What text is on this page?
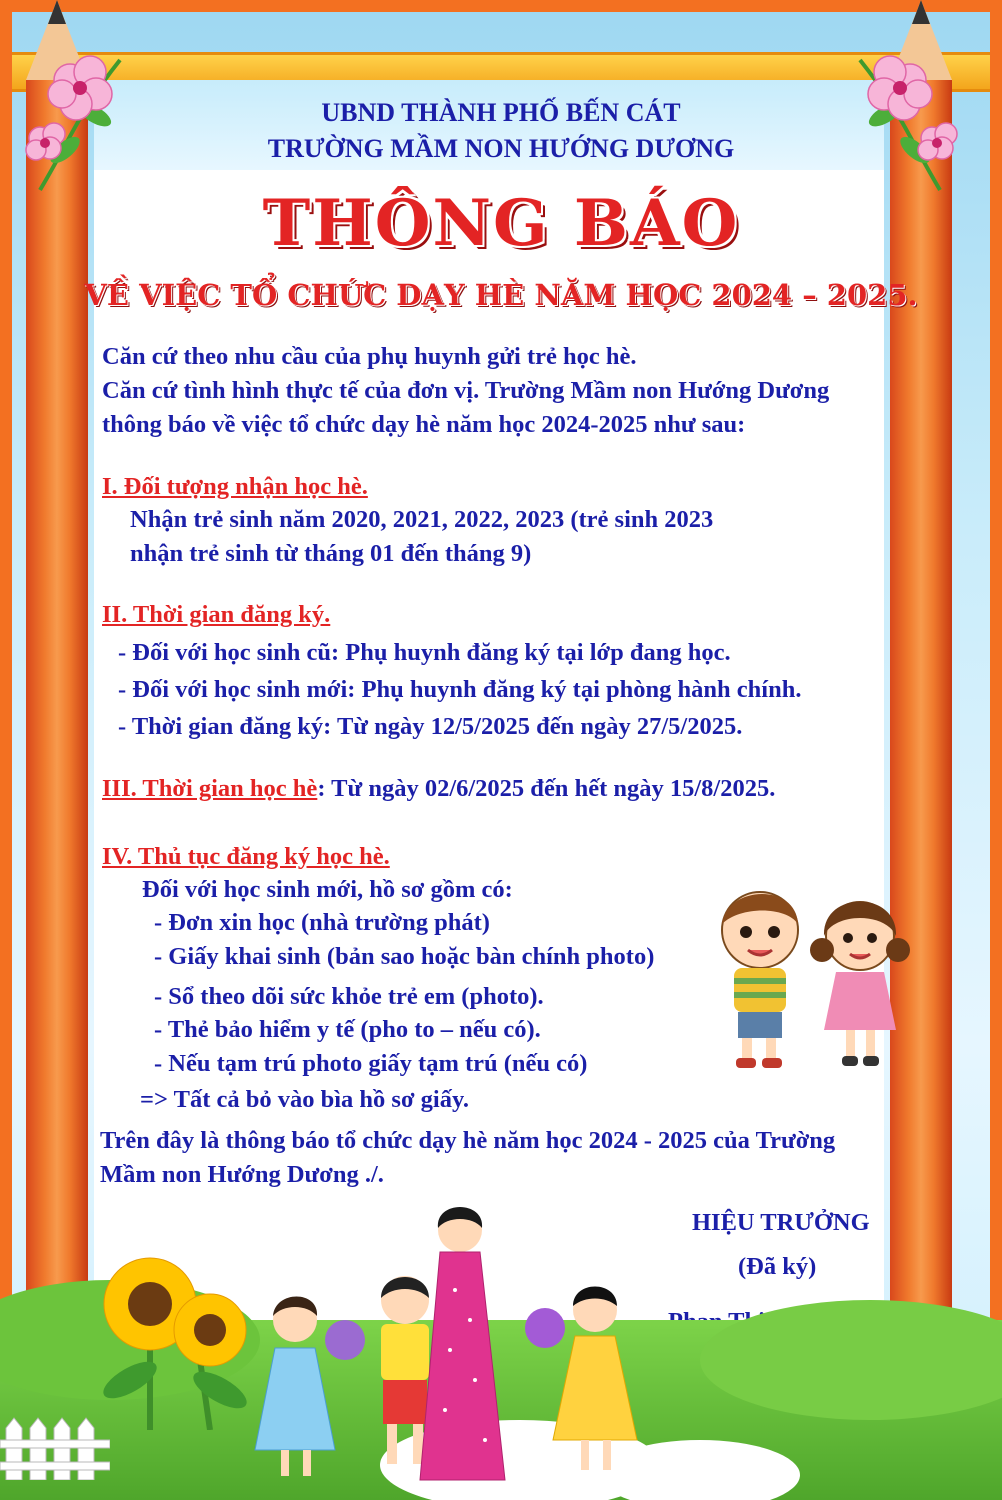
UBND THÀNH PHỐ BẾN CÁT
TRƯỜNG MẦM NON HƯỚNG DƯƠNG
THÔNG BÁO
VỀ VIỆC TỔ CHỨC DẠY HÈ NĂM HỌC 2024 – 2025.
Căn cứ theo nhu cầu của phụ huynh gửi trẻ học hè.
Căn cứ tình hình thực tế của đơn vị. Trường Mầm non Hướng Dương
thông báo về việc tổ chức dạy hè năm học 2024-2025 như sau:
I. Đối tượng nhận học hè.
Nhận trẻ sinh năm 2020, 2021, 2022, 2023 (trẻ sinh 2023
nhận trẻ sinh từ tháng 01 đến tháng 9)
II. Thời gian đăng ký.
- Đối với học sinh cũ: Phụ huynh đăng ký tại lớp đang học.
- Đối với học sinh mới: Phụ huynh đăng ký tại phòng hành chính.
- Thời gian đăng ký: Từ ngày 12/5/2025 đến ngày 27/5/2025.
III. Thời gian học hè: Từ ngày 02/6/2025 đến hết ngày 15/8/2025.
IV. Thủ tục đăng ký học hè.
Đối với học sinh mới, hồ sơ gồm có:
- Đơn xin học (nhà trường phát)
- Giấy khai sinh (bản sao hoặc bàn chính photo)
- Sổ theo dõi sức khỏe trẻ em (photo).
- Thẻ bảo hiểm y tế (pho to – nếu có).
- Nếu tạm trú photo giấy tạm trú (nếu có)
=> Tất cả bỏ vào bìa hồ sơ giấy.
Trên đây là thông báo tổ chức dạy hè năm học 2024 - 2025 của Trường
Mầm non Hướng Dương ./.
HIỆU TRƯỞNG
(Đã ký)
